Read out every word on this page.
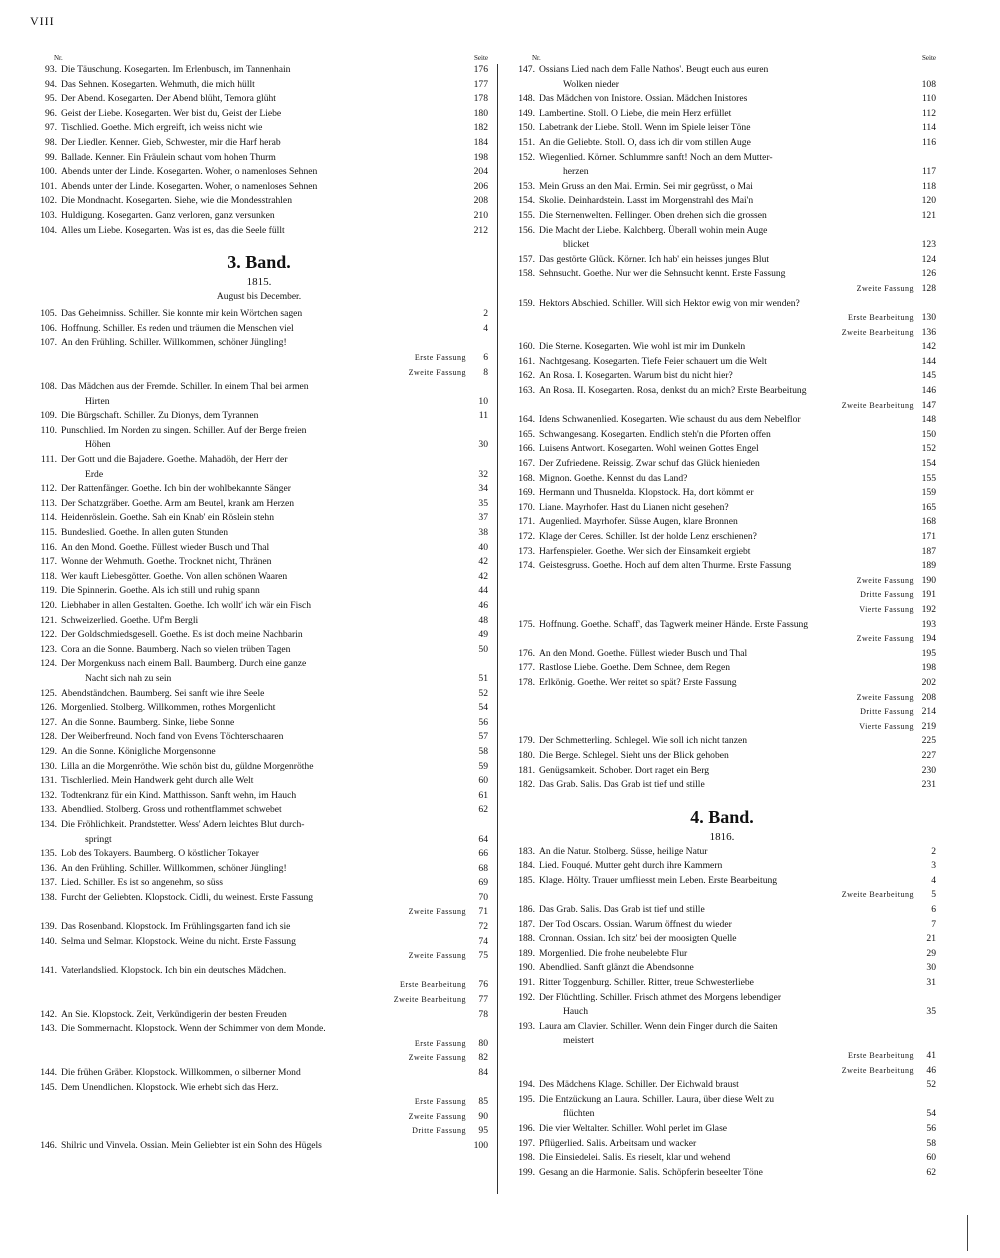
VIII
Nr.	Seite
93. Die Täuschung. Kosegarten. Im Erlenbusch, im Tannenhain	176
94. Das Sehnen. Kosegarten. Wehmuth, die mich hüllt	177
95. Der Abend. Kosegarten. Der Abend blüht, Temora glüht	178
96. Geist der Liebe. Kosegarten. Wer bist du, Geist der Liebe	180
97. Tischlied. Goethe. Mich ergreift, ich weiss nicht wie	182
98. Der Liedler. Kenner. Gieb, Schwester, mir die Harf herab	184
99. Ballade. Kenner. Ein Fräulein schaut vom hohen Thurm	198
100. Abends unter der Linde. Kosegarten. Woher, o namenloses Sehnen	204
101. Abends unter der Linde. Kosegarten. Woher, o namenloses Sehnen	206
102. Die Mondnacht. Kosegarten. Siehe, wie die Mondesstrahlen	208
103. Huldigung. Kosegarten. Ganz verloren, ganz versunken	210
104. Alles um Liebe. Kosegarten. Was ist es, das die Seele füllt	212
3. Band.
1815.
August bis December.
105. Das Geheimniss. Schiller. Sie konnte mir kein Wörtchen sagen	2
106. Hoffnung. Schiller. Es reden und träumen die Menschen viel	4
107. An den Frühling. Schiller. Willkommen, schöner Jüngling!
Erste Fassung	6
Zweite Fassung	8
108. Das Mädchen aus der Fremde. Schiller. In einem Thal bei armen
Hirten	10
109. Die Bürgschaft. Schiller. Zu Dionys, dem Tyrannen	11
110. Punschlied. Im Norden zu singen. Schiller. Auf der Berge freien
Höhen	30
111. Der Gott und die Bajadere. Goethe. Mahadöh, der Herr der
Erde	32
112. Der Rattenfänger. Goethe. Ich bin der wohlbekannte Sänger	34
113. Der Schatzgräber. Goethe. Arm am Beutel, krank am Herzen	35
114. Heidenröslein. Goethe. Sah ein Knab' ein Röslein stehn	37
115. Bundeslied. Goethe. In allen guten Stunden	38
116. An den Mond. Goethe. Füllest wieder Busch und Thal	40
117. Wonne der Wehmuth. Goethe. Trocknet nicht, Thränen	42
118. Wer kauft Liebesgötter. Goethe. Von allen schönen Waaren	42
119. Die Spinnerin. Goethe. Als ich still und ruhig spann	44
120. Liebhaber in allen Gestalten. Goethe. Ich wollt' ich wär ein Fisch	46
121. Schweizerlied. Goethe. Uf'm Bergli	48
122. Der Goldschmiedsgesell. Goethe. Es ist doch meine Nachbarin	49
123. Cora an die Sonne. Baumberg. Nach so vielen trüben Tagen	50
124. Der Morgenkuss nach einem Ball. Baumberg. Durch eine ganze
Nacht sich nah zu sein	51
125. Abendständchen. Baumberg. Sei sanft wie ihre Seele	52
126. Morgenlied. Stolberg. Willkommen, rothes Morgenlicht	54
127. An die Sonne. Baumberg. Sinke, liebe Sonne	56
128. Der Weiberfreund. Noch fand von Evens Töchterschaaren	57
129. An die Sonne. Königliche Morgensonne	58
130. Lilla an die Morgenröthe. Wie schön bist du, güldne Morgenröthe	59
131. Tischlerlied. Mein Handwerk geht durch alle Welt	60
132. Todtenkranz für ein Kind. Matthisson. Sanft wehn, im Hauch	61
133. Abendlied. Stolberg. Gross und rothentflammet schwebet	62
134. Die Fröhlichkeit. Prandstetter. Wess' Adern leichtes Blut durch-
springt	64
135. Lob des Tokayers. Baumberg. O köstlicher Tokayer	66
136. An den Frühling. Schiller. Willkommen, schöner Jüngling!	68
137. Lied. Schiller. Es ist so angenehm, so süss	69
138. Furcht der Geliebten. Klopstock. Cidli, du weinest. Erste Fassung	70
Zweite Fassung	71
139. Das Rosenband. Klopstock. Im Frühlingsgarten fand ich sie	72
140. Selma und Selmar. Klopstock. Weine du nicht. Erste Fassung	74
Zweite Fassung	75
141. Vaterlandslied. Klopstock. Ich bin ein deutsches Mädchen.
Erste Bearbeitung	76
Zweite Bearbeitung	77
142. An Sie. Klopstock. Zeit, Verkündigerin der besten Freuden	78
143. Die Sommernacht. Klopstock. Wenn der Schimmer von dem Monde.
Erste Fassung	80
Zweite Fassung	82
144. Die frühen Gräber. Klopstock. Willkommen, o silberner Mond	84
145. Dem Unendlichen. Klopstock. Wie erhebt sich das Herz.
Erste Fassung	85
Zweite Fassung	90
Dritte Fassung	95
146. Shilric und Vinvela. Ossian. Mein Geliebter ist ein Sohn des Hügels	100
Nr.	Seite
147. Ossians Lied nach dem Falle Nathos'. Beugt euch aus euren
Wolken nieder	108
148. Das Mädchen von Inistore. Ossian. Mädchen Inistores	110
149. Lambertine. Stoll. O Liebe, die mein Herz erfüllet	112
150. Labetrank der Liebe. Stoll. Wenn im Spiele leiser Töne	114
151. An die Geliebte. Stoll. O, dass ich dir vom stillen Auge	116
152. Wiegenlied. Körner. Schlummre sanft! Noch an dem Mutter-
herzen	117
153. Mein Gruss an den Mai. Ermin. Sei mir gegrüsst, o Mai	118
154. Skolie. Deinhardstein. Lasst im Morgenstrahl des Mai'n	120
155. Die Sternenwelten. Fellinger. Oben drehen sich die grossen	121
156. Die Macht der Liebe. Kalchberg. Überall wohin mein Auge
blicket	123
157. Das gestörte Glück. Körner. Ich hab' ein heisses junges Blut	124
158. Sehnsucht. Goethe. Nur wer die Sehnsucht kennt. Erste Fassung	126
Zweite Fassung 128
159. Hektors Abschied. Schiller. Will sich Hektor ewig von mir wenden?
Erste Bearbeitung 130
Zweite Bearbeitung 136
160. Die Sterne. Kosegarten. Wie wohl ist mir im Dunkeln	142
161. Nachtgesang. Kosegarten. Tiefe Feier schauert um die Welt	144
162. An Rosa. I. Kosegarten. Warum bist du nicht hier?	145
163. An Rosa. II. Kosegarten. Rosa, denkst du an mich? Erste Bearbeitung	146
Zweite Bearbeitung 147
164. Idens Schwanenlied. Kosegarten. Wie schaust du aus dem Nebelflor	148
165. Schwangesang. Kosegarten. Endlich steh'n die Pforten offen	150
166. Luisens Antwort. Kosegarten. Wohl weinen Gottes Engel	152
167. Der Zufriedene. Reissig. Zwar schuf das Glück hienieden	154
168. Mignon. Goethe. Kennst du das Land?	155
169. Hermann und Thusnelda. Klopstock. Ha, dort kömmt er	159
170. Liane. Mayrhofer. Hast du Lianen nicht gesehen?	165
171. Augenlied. Mayrhofer. Süsse Augen, klare Bronnen	168
172. Klage der Ceres. Schiller. Ist der holde Lenz erschienen?	171
173. Harfenspieler. Goethe. Wer sich der Einsamkeit ergiebt	187
174. Geistesgruss. Goethe. Hoch auf dem alten Thurme. Erste Fassung	189
Zweite Fassung 190
Dritte Fassung 191
Vierte Fassung 192
175. Hoffnung. Goethe. Schaff', das Tagwerk meiner Hände. Erste Fassung	193
Zweite Fassung 194
176. An den Mond. Goethe. Füllest wieder Busch und Thal	195
177. Rastlose Liebe. Goethe. Dem Schnee, dem Regen	198
178. Erlkönig. Goethe. Wer reitet so spät? Erste Fassung	202
Zweite Fassung 208
Dritte Fassung 214
Vierte Fassung 219
179. Der Schmetterling. Schlegel. Wie soll ich nicht tanzen	225
180. Die Berge. Schlegel. Sieht uns der Blick gehoben	227
181. Genügsamkeit. Schober. Dort raget ein Berg	230
182. Das Grab. Salis. Das Grab ist tief und stille	231
4. Band.
1816.
183. An die Natur. Stolberg. Süsse, heilige Natur	2
184. Lied. Fouqué. Mutter geht durch ihre Kammern	3
185. Klage. Hölty. Trauer umfliesst mein Leben. Erste Bearbeitung	4
Zweite Bearbeitung	5
186. Das Grab. Salis. Das Grab ist tief und stille	6
187. Der Tod Oscars. Ossian. Warum öffnest du wieder	7
188. Cronnan. Ossian. Ich sitz' bei der moosigten Quelle	21
189. Morgenlied. Die frohe neubelebte Flur	29
190. Abendlied. Sanft glänzt die Abendsonne	30
191. Ritter Toggenburg. Schiller. Ritter, treue Schwesterliebe	31
192. Der Flüchtling. Schiller. Frisch athmet des Morgens lebendiger
Hauch	35
193. Laura am Clavier. Schiller. Wenn dein Finger durch die Saiten
meistert
Erste Bearbeitung	41
Zweite Bearbeitung	46
194. Des Mädchens Klage. Schiller. Der Eichwald braust	52
195. Die Entzückung an Laura. Schiller. Laura, über diese Welt zu
flüchten	54
196. Die vier Weltalter. Schiller. Wohl perlet im Glase	56
197. Pflügerlied. Salis. Arbeitsam und wacker	58
198. Die Einsiedelei. Salis. Es rieselt, klar und wehend	60
199. Gesang an die Harmonie. Salis. Schöpferin beseelter Töne	62
